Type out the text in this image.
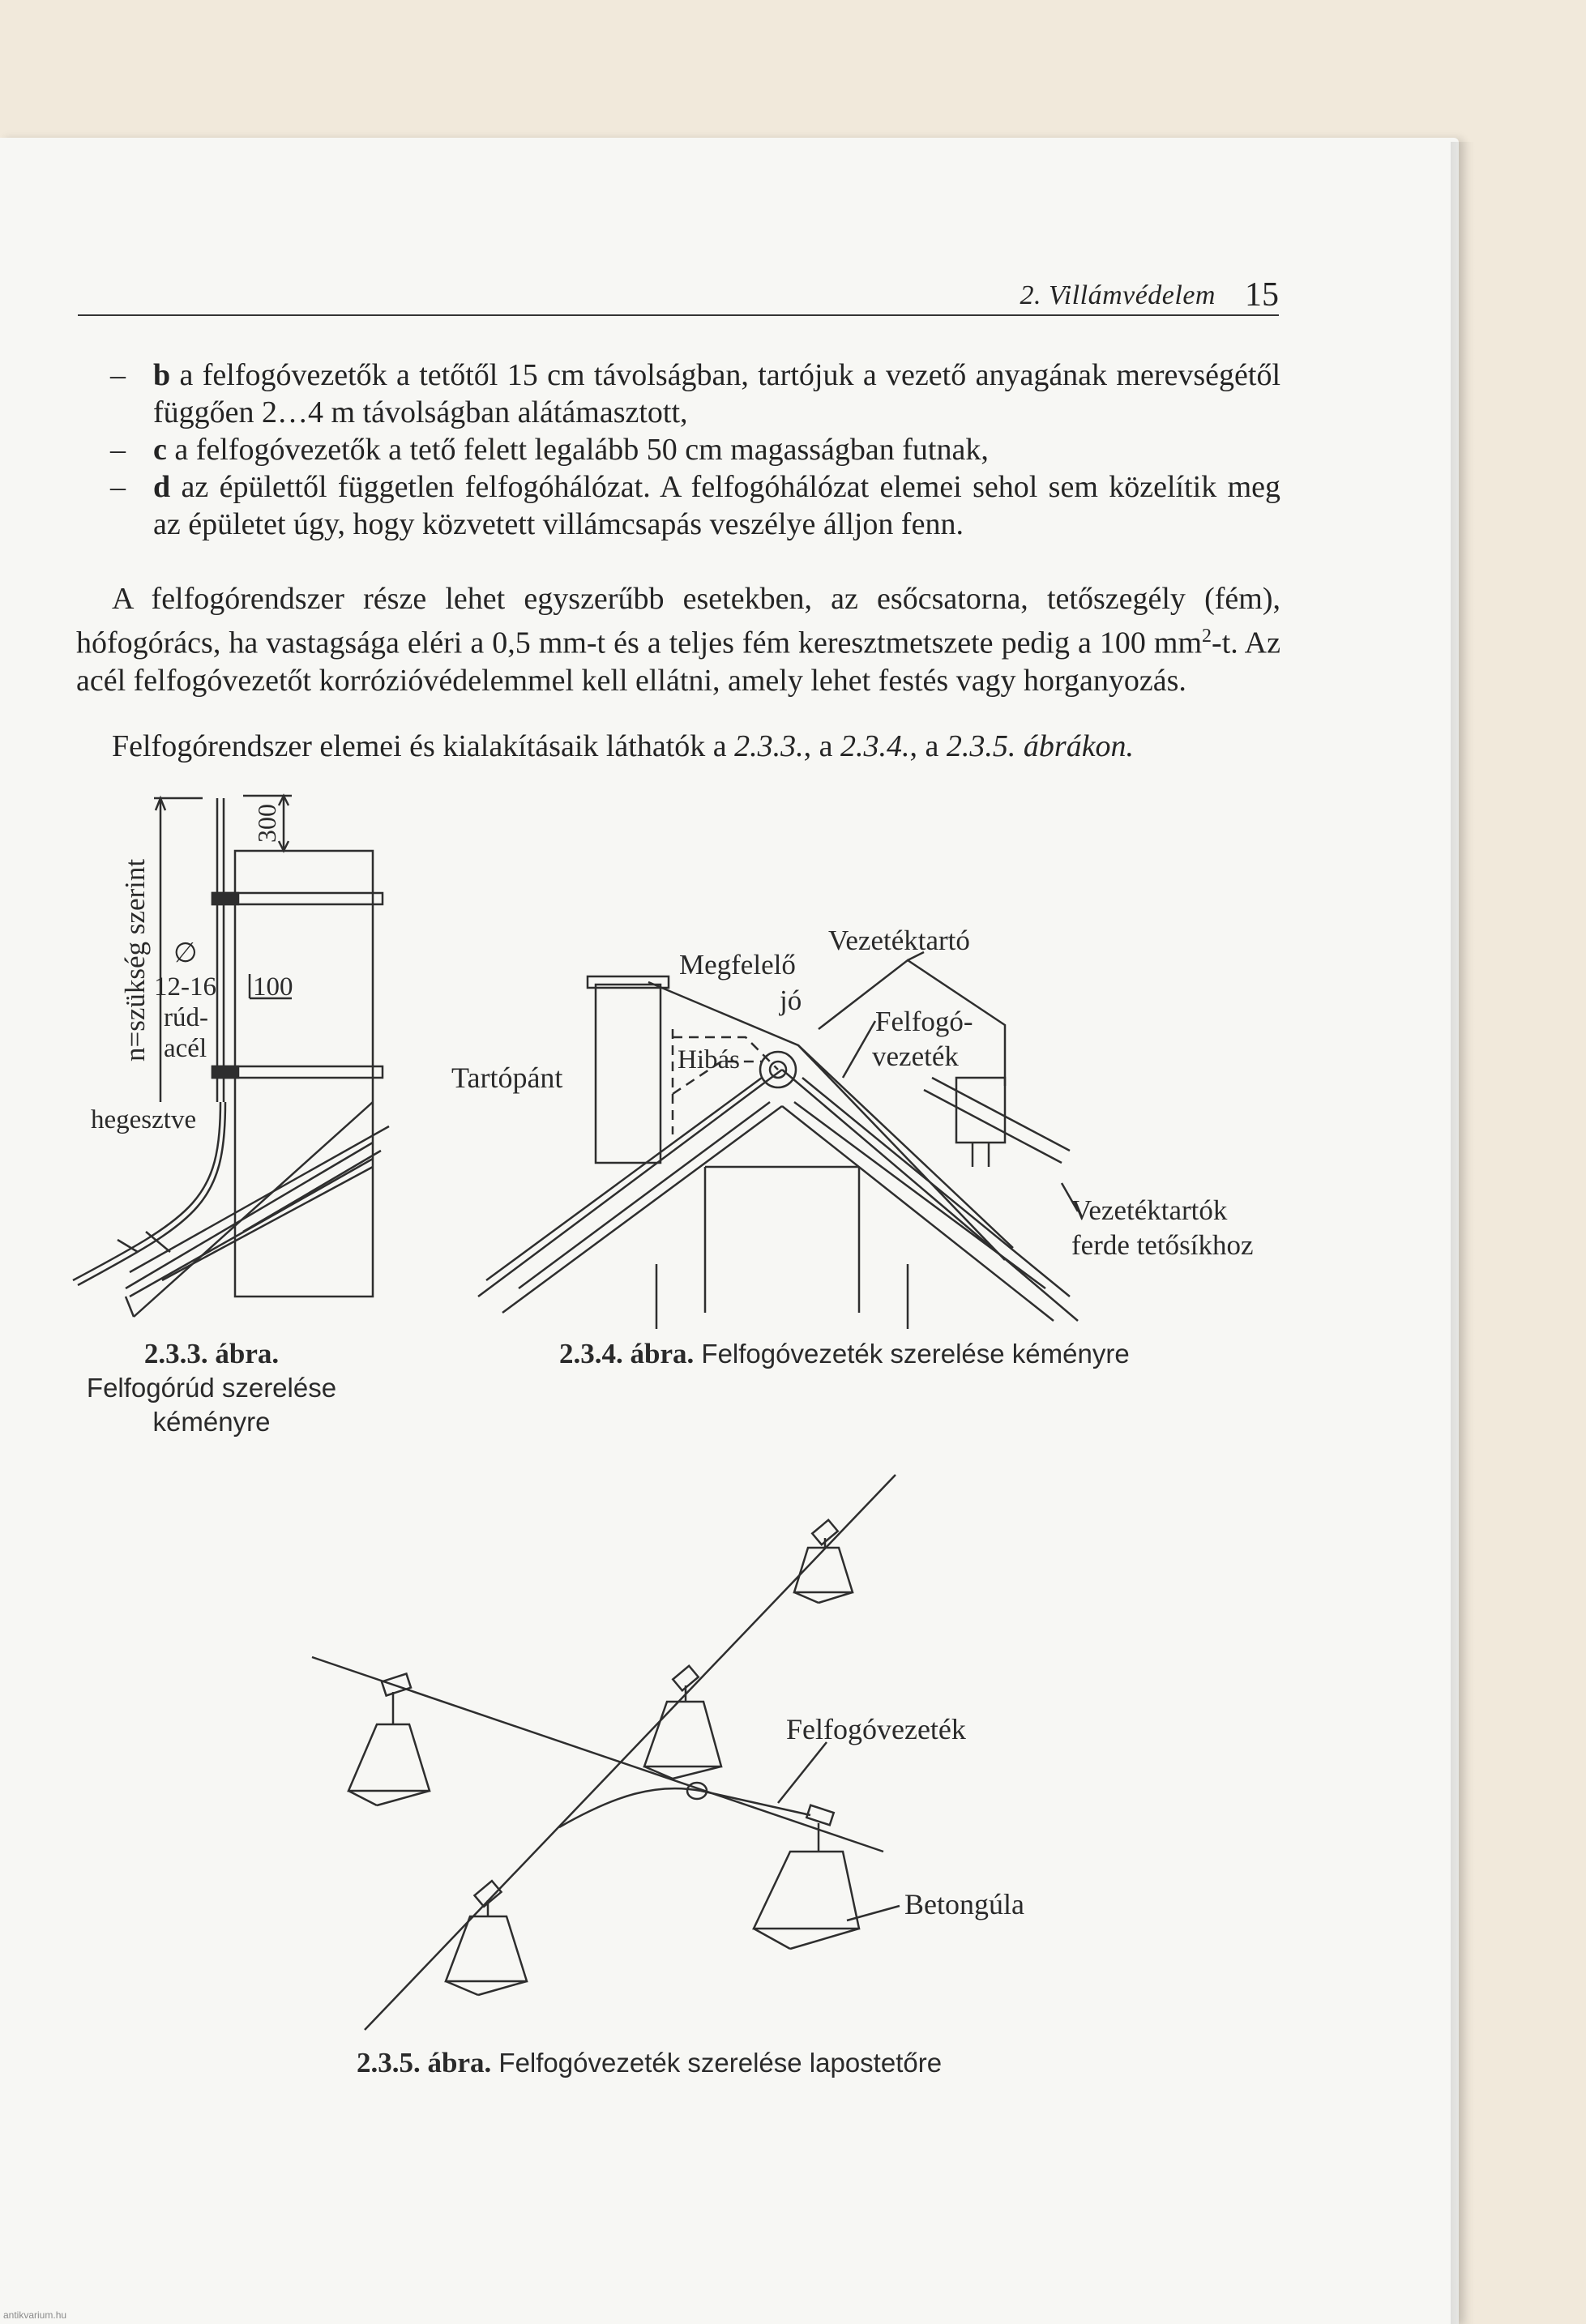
2. Villámvédelem 15
– b a felfogóvezetők a tetőtől 15 cm távolságban, tartójuk a vezető anyagának merevségétől függően 2…4 m távolságban alátámasztott,
– c a felfogóvezetők a tető felett legalább 50 cm magasságban futnak,
– d az épülettől független felfogóhálózat. A felfogóhálózat elemei sehol sem közelítik meg az épületet úgy, hogy közvetett villámcsapás veszélye álljon fenn.
A felfogórendszer része lehet egyszerűbb esetekben, az esőcsatorna, tetőszegély (fém), hófogórács, ha vastagsága eléri a 0,5 mm-t és a teljes fém keresztmetszete pedig a 100 $mm^2-t$. Az acél felfogóvezetőt korrózióvédelemmel kell ellátni, amely lehet festés vagy horganyozás.
Felfogórendszer elemei és kialakításaik láthatók a 2.3.3., a 2.3.4., a 2.3.5. ábrákon.
n=szükség szerint
300
∅
12-16
rúd-
acél
100
hegesztve
Tartópánt
Megfelelő
jó
Hibás
Vezetéktartó
Felfogó-
vezeték
Vezetéktartók
ferde tetősíkhoz
Felfogóvezeték
Betongúla
2.3.3. ábra. Felfogórúd szerelése kéményre
2.3.4. ábra. Felfogóvezeték szerelése kéményre
2.3.5. ábra. Felfogóvezeték szerelése lapostetőre
antikvarium.hu
